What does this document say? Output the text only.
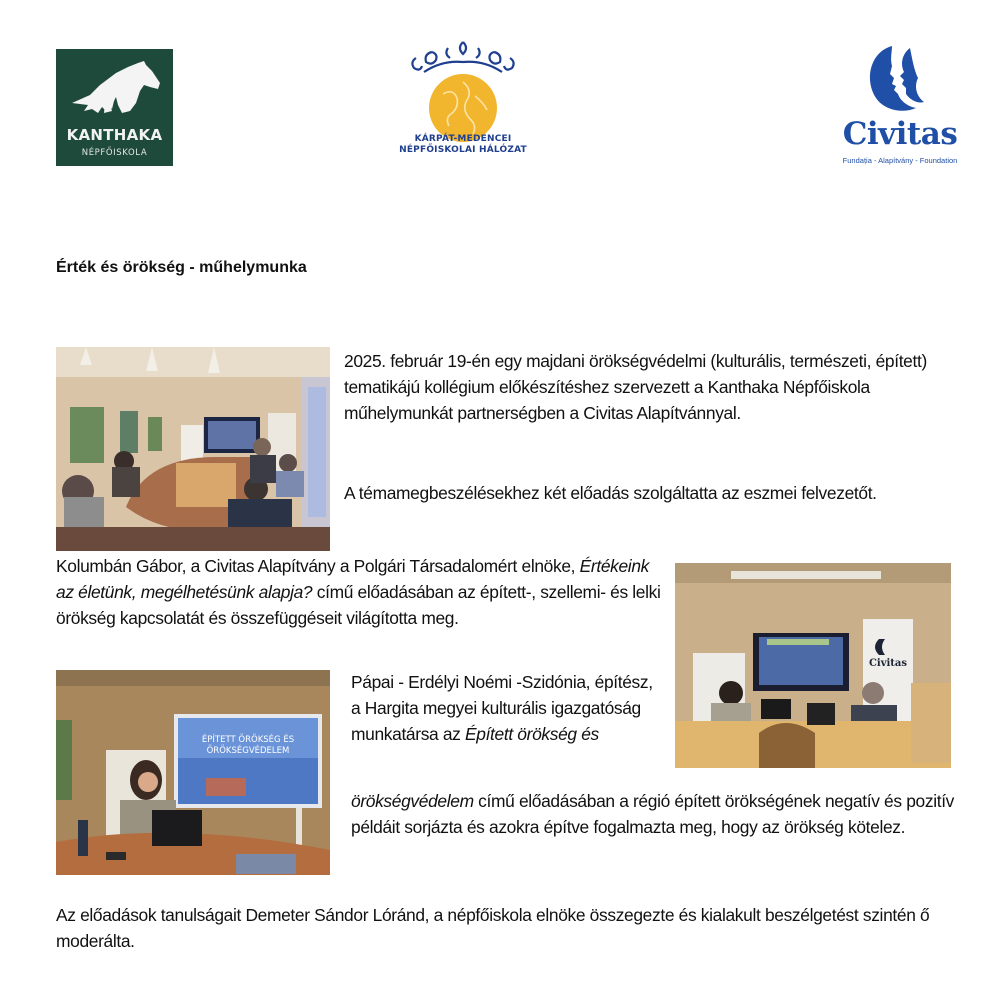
KANTHAKA
NÉPFŐISKOLA
KÁRPÁT-MEDENCEI
NÉPFŐISKOLAI HÁLÓZAT	Civitas
Fundația - Alapítvány - Foundation
Érték és örökség - műhelymunka
2025. február 19-én egy majdani örökségvédelmi (kulturális, természeti, épített) tematikájú kollégium előkészítéshez szervezett a Kanthaka Népfőiskola műhelymunkát partnerségben a Civitas Alapítvánnyal.
A témamegbeszélésekhez két előadás szolgáltatta az eszmei felvezetőt.
Kolumbán Gábor, a Civitas Alapítvány a Polgári Társadalomért elnöke, Értékeink az életünk, megélhetésünk alapja? című előadásában az épített-, szellemi- és lelki örökség kapcsolatát és összefüggéseit világította meg.
Civitas
ÉPÍTETT ÖRÖKSÉG ÉS
ÖRÖKSÉGVÉDELEM
Pápai - Erdélyi Noémi -Szidónia, építész, a Hargita megyei kulturális igazgatóság munkatársa az Épített örökség és
örökségvédelem című előadásában a régió épített örökségének negatív és pozitív példáit sorjázta és azokra építve fogalmazta meg, hogy az örökség kötelez.
Az előadások tanulságait Demeter Sándor Lóránd, a népfőiskola elnöke összegezte és kialakult beszélgetést szintén ő moderálta.
